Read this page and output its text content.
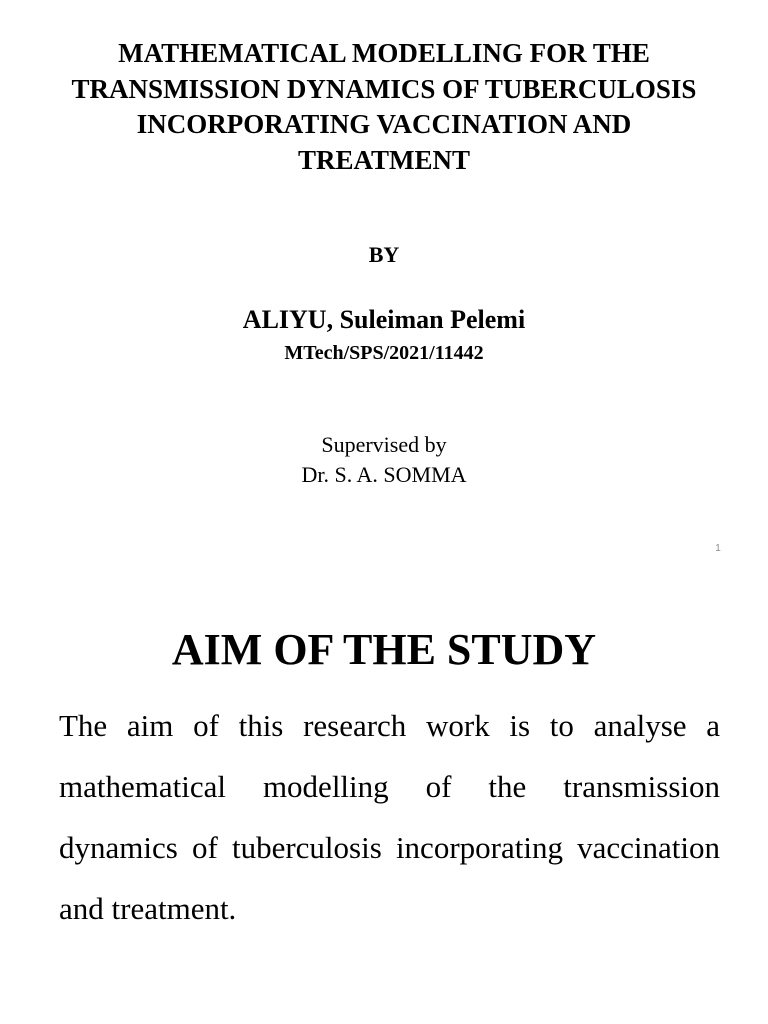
MATHEMATICAL MODELLING FOR THE
TRANSMISSION DYNAMICS OF TUBERCULOSIS
INCORPORATING VACCINATION AND
TREATMENT
BY
ALIYU, Suleiman Pelemi
MTech/SPS/2021/11442
Supervised by
Dr. S. A. SOMMA
1
AIM OF THE STUDY

The aim of this research work is to analyse a mathematical modelling of the transmission dynamics of tuberculosis incorporating vaccination and treatment.
